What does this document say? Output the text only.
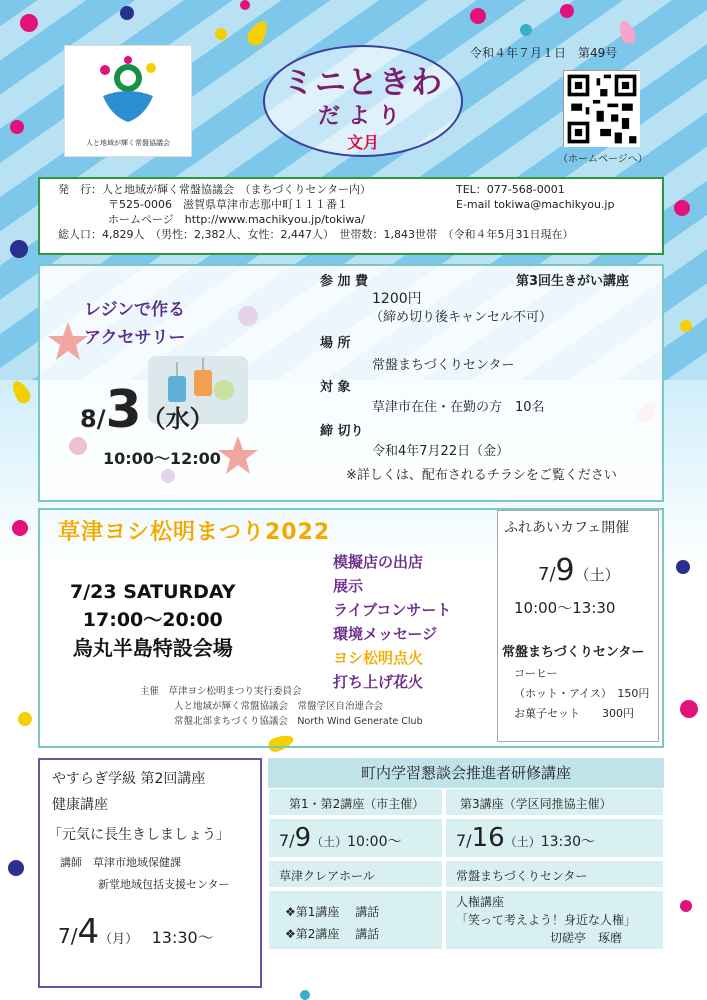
人と地域が輝く常盤協議会
ミニときわ
だより
文月
令和４年７月１日　第49号
（ホームページへ）
発　行：人と地域が輝く常盤協議会　（まちづくりセンター内）	TEL：077-568-0001
〒525-0006　滋賀県草津市志那中町１１１番１	E-mail tokiwa@machikyou.jp
ホームページ　http://www.machikyou.jp/tokiwa/
総人口：4,829人　（男性：2,382人、女性：2,447人）　世帯数：1,843世帯　（令和４年5月31日現在）
レジンで作る
アクセサリー
8/3（水）
10:00～12:00
参 加 費	第3回生きがい講座
1200円
（締め切り後キャンセル不可）
場 所
常盤まちづくりセンター
対 象
草津市在住・在勤の方　10名
締 切り
令和4年7月22日（金）
※詳しくは、配布されるチラシをご覧ください
草津ヨシ松明まつり2022
7/23 SATURDAY
17:00～20:00
烏丸半島特設会場
模擬店の出店
展示
ライブコンサート
環境メッセージ
ヨシ松明点火
打ち上げ花火
主催　 草津ヨシ松明まつり実行委員会
人と地域が輝く常盤協議会　常盤学区自治連合会
常盤北部まちづくり協議会　North Wind Generate Club
ふれあいカフェ開催
7/9（土）
10:00～13:30
常盤まちづくりセンター
コーヒー
（ホット・アイス）　150円
お菓子セット　　300円
やすらぎ学級 第2回講座
健康講座
「元気に長生きしましょう」
講師　 草津市地域保健課
新堂地域包括支援センター
7/4（月）　 13:30～
町内学習懇談会推進者研修講座
第1・第2講座（市主催）	第3講座（学区同推協主催）
7/9（土）10:00～	7/16（土）13:30～
草津クレアホール	常盤まちづくりセンター
❖第1講座　 講話
❖第2講座　 講話
人権講座
「笑って考えよう！身近な人権」
切磋亭　琢磨
